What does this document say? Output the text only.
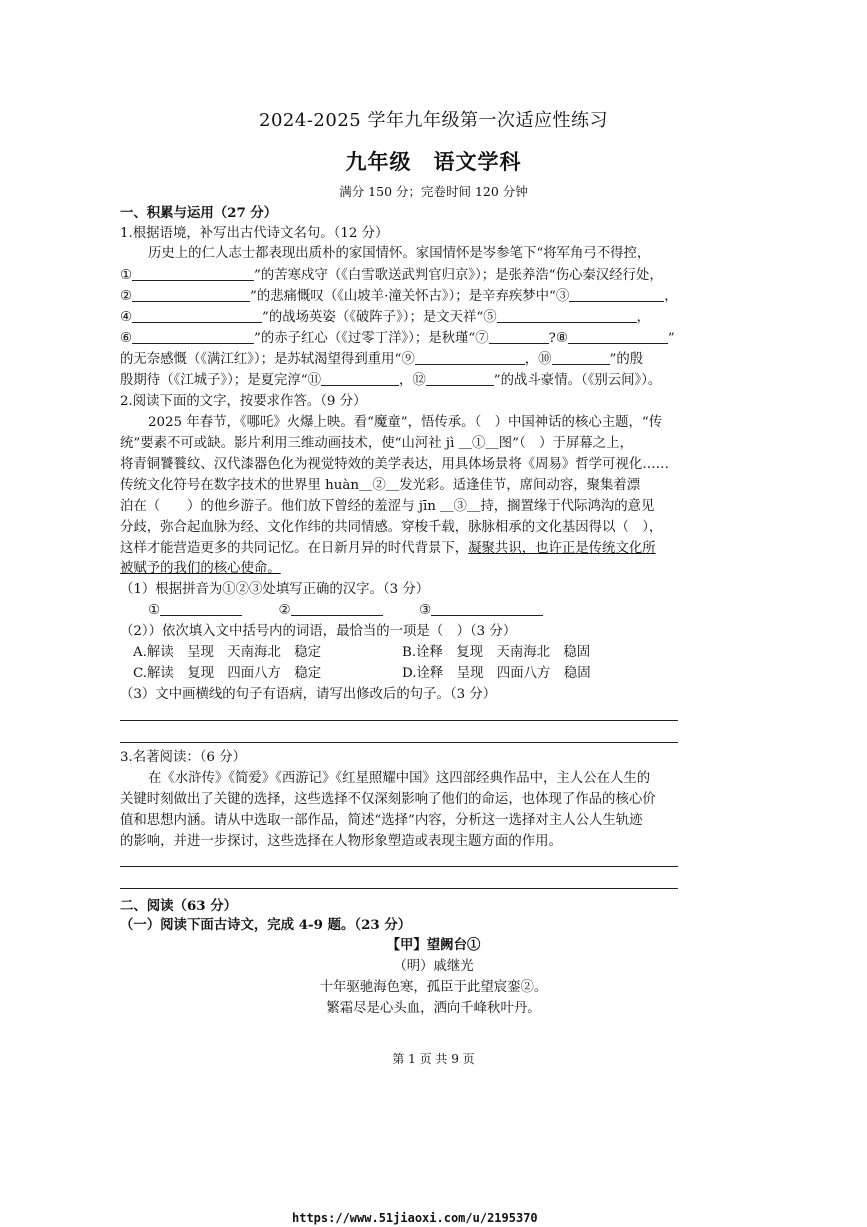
2024-2025 学年九年级第一次适应性练习
九年级　语文学科
满分 150 分；完卷时间 120 分钟
一、积累与运用（27 分）
1.根据语境，补写出古代诗文名句。（12 分）
历史上的仁人志士都表现出质朴的家国情怀。家国情怀是岑参笔下“将军角弓不得控，
①	”的苦寒戍守（《白雪歌送武判官归京》）；是张养浩“伤心秦汉经行处，
②	”的悲痛慨叹（《山坡羊·潼关怀古》）；是辛弃疾梦中“③	，
④	”的战场英姿（《破阵子》）；是文天祥“⑤	，
⑥	”的赤子红心（《过零丁洋》）；是秋瑾“⑦	?⑧	”
的无奈感慨（《满江红》）；是苏轼渴望得到重用“⑨	，⑩	”的殷
殷期待（《江城子》）；是夏完淳“⑪	，⑫	”的战斗豪情。（《别云间》）。
2.阅读下面的文字，按要求作答。（9 分）
2025 年春节，《哪吒》火爆上映。看“魔童”，悟传承。（　）中国神话的核心主题，“传
统”要素不可或缺。影片利用三维动画技术，使“山河社 jì ＿①＿图”（　）于屏幕之上，
将青铜饕餮纹、汉代漆器色化为视觉特效的美学表达，用具体场景将《周易》哲学可视化……
传统文化符号在数字技术的世界里 huàn＿②＿发光彩。适逢佳节，席间动容，聚集着漂
泊在（　　）的他乡游子。他们放下曾经的羞涩与 jīn ＿③＿持，搁置缘于代际鸿沟的意见
分歧，弥合起血脉为经、文化作纬的共同情感。穿梭千载，脉脉相承的文化基因得以（　），
这样才能营造更多的共同记忆。在日新月异的时代背景下，凝聚共识，也许正是传统文化所
被赋予的我们的核心使命。
（1）根据拼音为①②③处填写正确的汉字。（3 分）
①	②	③
（2））依次填入文中括号内的词语，最恰当的一项是（　）（3 分）
A.解读　呈现　天南海北　稳定	B.诠释　复现　天南海北　稳固
C.解读　复现　四面八方　稳定	D.诠释　呈现　四面八方　稳固
（3）文中画横线的句子有语病，请写出修改后的句子。（3 分）
3.名著阅读：（6 分）
在《水浒传》《简爱》《西游记》《红星照耀中国》这四部经典作品中，主人公在人生的
关键时刻做出了关键的选择，这些选择不仅深刻影响了他们的命运，也体现了作品的核心价
值和思想内涵。请从中选取一部作品，简述“选择”内容，分析这一选择对主人公人生轨迹
的影响，并进一步探讨，这些选择在人物形象塑造或表现主题方面的作用。
二、阅读（63 分）
（一）阅读下面古诗文，完成 4-9 题。（23 分）
【甲】望阙台①
（明）戚继光
十年驱驰海色寒，孤臣于此望宸銮②。
繁霜尽是心头血，洒向千峰秋叶丹。
第 1 页 共 9 页
https://www.51jiaoxi.com/u/2195370
